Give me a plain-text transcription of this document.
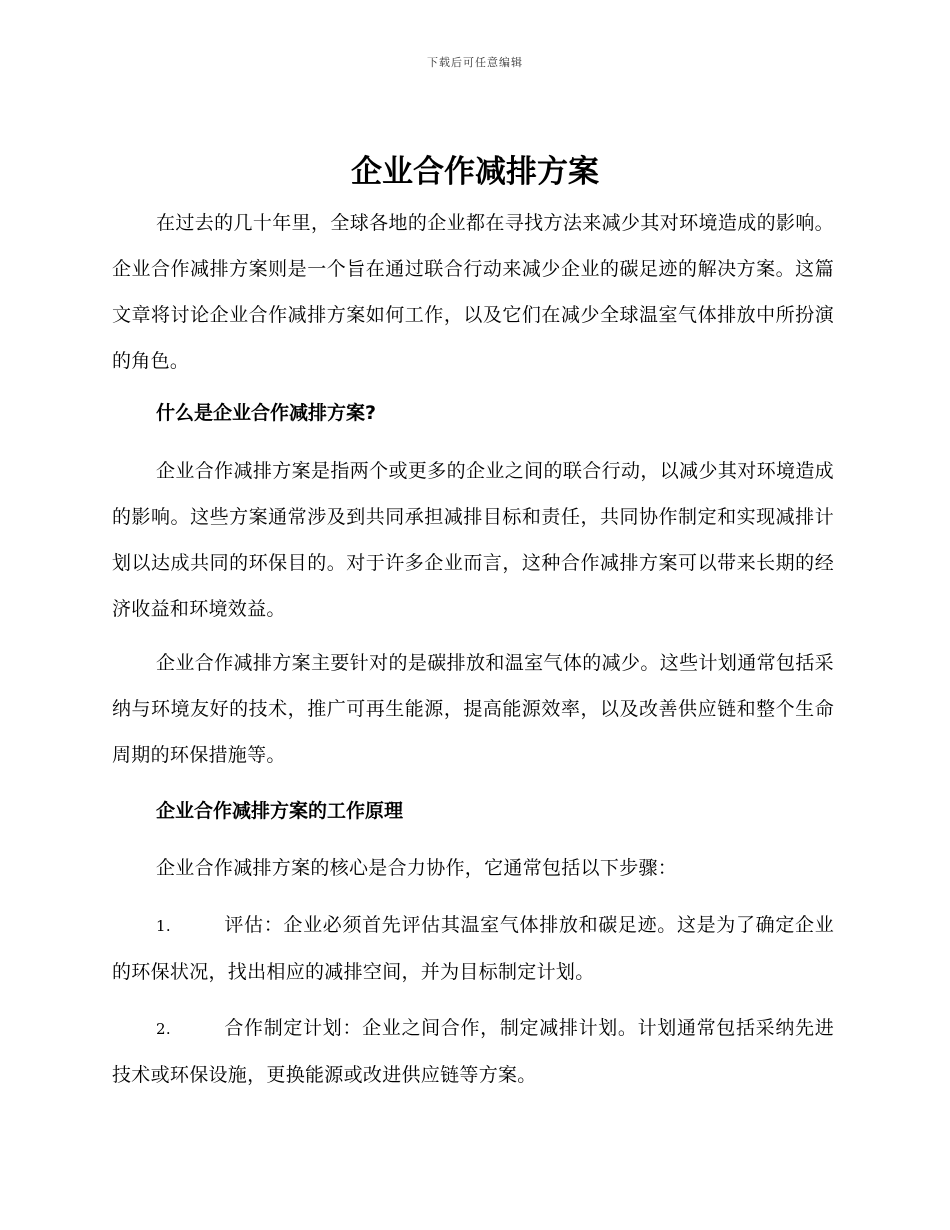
下载后可任意编辑
企业合作减排方案

在过去的几十年里，全球各地的企业都在寻找方法来减少其对环境造成的影响。企业合作减排方案则是一个旨在通过联合行动来减少企业的碳足迹的解决方案。这篇文章将讨论企业合作减排方案如何工作，以及它们在减少全球温室气体排放中所扮演的角色。

什么是企业合作减排方案?

企业合作减排方案是指两个或更多的企业之间的联合行动，以减少其对环境造成的影响。这些方案通常涉及到共同承担减排目标和责任，共同协作制定和实现减排计划以达成共同的环保目的。对于许多企业而言，这种合作减排方案可以带来长期的经济收益和环境效益。

企业合作减排方案主要针对的是碳排放和温室气体的减少。这些计划通常包括采纳与环境友好的技术，推广可再生能源，提高能源效率，以及改善供应链和整个生命周期的环保措施等。

企业合作减排方案的工作原理

企业合作减排方案的核心是合力协作，它通常包括以下步骤：

1.	评估：企业必须首先评估其温室气体排放和碳足迹。这是为了确定企业的环保状况，找出相应的减排空间，并为目标制定计划。

2.	合作制定计划：企业之间合作，制定减排计划。计划通常包括采纳先进技术或环保设施，更换能源或改进供应链等方案。
